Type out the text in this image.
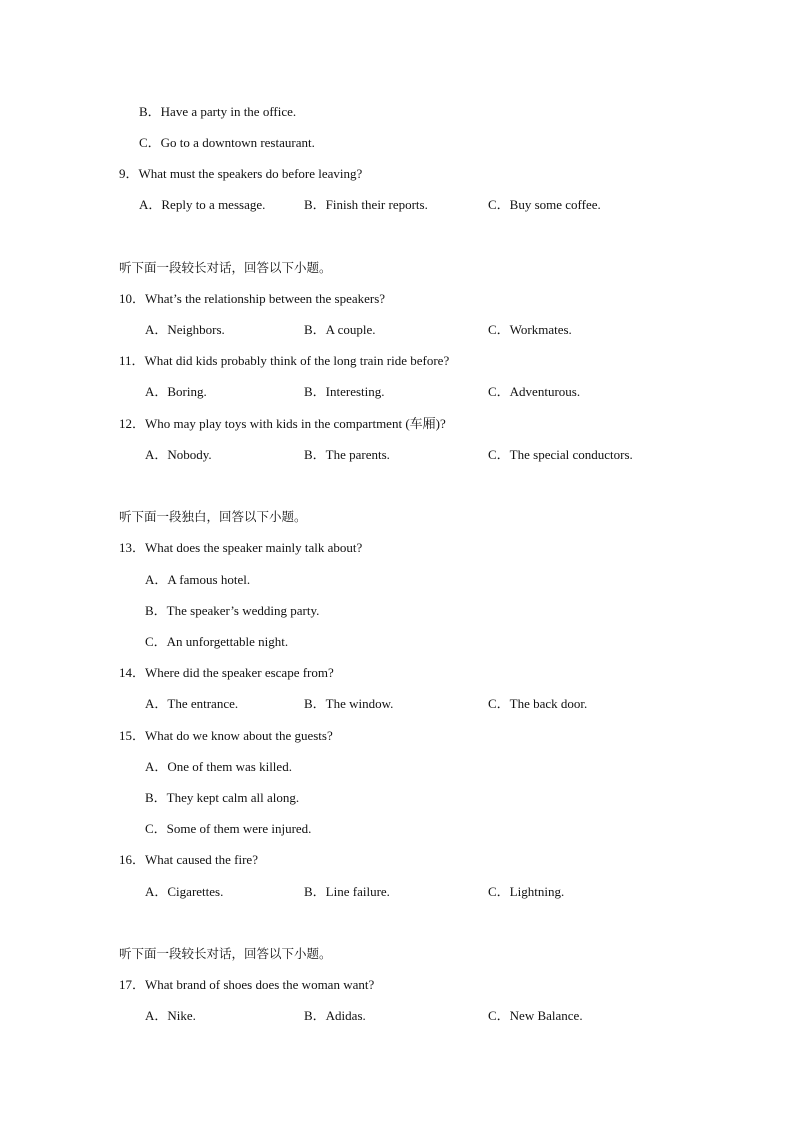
B．Have a party in the office.
C．Go to a downtown restaurant.
9．What must the speakers do before leaving?
A．Reply to a message.	B．Finish their reports.	C．Buy some coffee.
听下面一段较长对话，回答以下小题。
10．What’s the relationship between the speakers?
A．Neighbors.	B．A couple.	C．Workmates.
11．What did kids probably think of the long train ride before?
A．Boring.	B．Interesting.	C．Adventurous.
12．Who may play toys with kids in the compartment (车厢)?
A．Nobody.	B．The parents.	C．The special conductors.
听下面一段独白，回答以下小题。
13．What does the speaker mainly talk about?
A．A famous hotel.
B．The speaker’s wedding party.
C．An unforgettable night.
14．Where did the speaker escape from?
A．The entrance.	B．The window.	C．The back door.
15．What do we know about the guests?
A．One of them was killed.
B．They kept calm all along.
C．Some of them were injured.
16．What caused the fire?
A．Cigarettes.	B．Line failure.	C．Lightning.
听下面一段较长对话，回答以下小题。
17．What brand of shoes does the woman want?
A．Nike.	B．Adidas.	C．New Balance.
